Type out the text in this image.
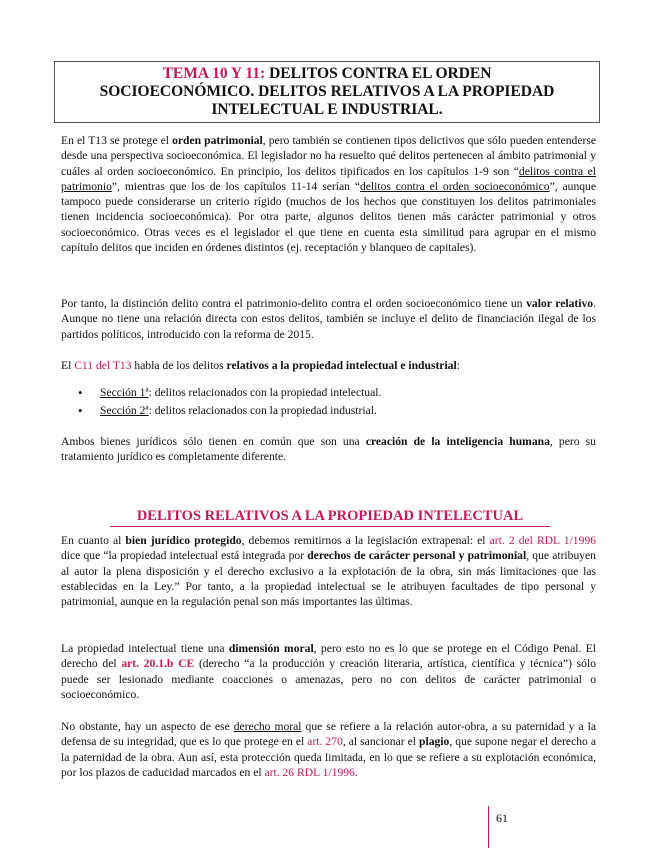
TEMA 10 Y 11: DELITOS CONTRA EL ORDEN
SOCIOECONÓMICO. DELITOS RELATIVOS A LA PROPIEDAD
INTELECTUAL E INDUSTRIAL.
En el T13 se protege el orden patrimonial, pero también se contienen tipos delictivos que sólo pueden entenderse desde una perspectiva socioeconómica. El legislador no ha resuelto qué delitos pertenecen al ámbito patrimonial y cuáles al orden socioeconómico. En principio, los delitos tipificados en los capítulos 1-9 son “delitos contra el patrimonio”, mientras que los de los capítulos 11-14 serían “delitos contra el orden socioeconómico”, aunque tampoco puede considerarse un criterio rígido (muchos de los hechos que constituyen los delitos patrimoniales tienen incidencia socioeconómica). Por otra parte, algunos delitos tienen más carácter patrimonial y otros socioeconómico. Otras veces es el legislador el que tiene en cuenta esta similitud para agrupar en el mismo capítulo delitos que inciden en órdenes distintos (ej. receptación y blanqueo de capitales).
Por tanto, la distinción delito contra el patrimonio-delito contra el orden socioeconómico tiene un valor relativo. Aunque no tiene una relación directa con estos delitos, también se incluye el delito de financiación ilegal de los partidos políticos, introducido con la reforma de 2015.
El C11 del T13 habla de los delitos relativos a la propiedad intelectual e industrial:
• Sección 1ª: delitos relacionados con la propiedad intelectual.
• Sección 2ª: delitos relacionados con la propiedad industrial.
Ambos bienes jurídicos sólo tienen en común que son una creación de la inteligencia humana, pero su tratamiento jurídico es completamente diferente.
DELITOS RELATIVOS A LA PROPIEDAD INTELECTUAL
En cuanto al bien jurídico protegido, debemos remitirnos a la legislación extrapenal: el art. 2 del RDL 1/1996 dice que “la propiedad intelectual está integrada por derechos de carácter personal y patrimonial, que atribuyen al autor la plena disposición y el derecho exclusivo a la explotación de la obra, sin más limitaciones que las establecidas en la Ley.” Por tanto, a la propiedad intelectual se le atribuyen facultades de tipo personal y patrimonial, aunque en la regulación penal son más importantes las últimas.
La propiedad intelectual tiene una dimensión moral, pero esto no es lo que se protege en el Código Penal. El derecho del art. 20.1.b CE (derecho “a la producción y creación literaria, artística, científica y técnica”) sólo puede ser lesionado mediante coacciones o amenazas, pero no con delitos de carácter patrimonial o socioeconómico.
No obstante, hay un aspecto de ese derecho moral que se refiere a la relación autor-obra, a su paternidad y a la defensa de su integridad, que es lo que protege en el art. 270, al sancionar el plagio, que supone negar el derecho a la paternidad de la obra. Aun así, esta protección queda limitada, en lo que se refiere a su explotación económica, por los plazos de caducidad marcados en el art. 26 RDL 1/1996.
61
